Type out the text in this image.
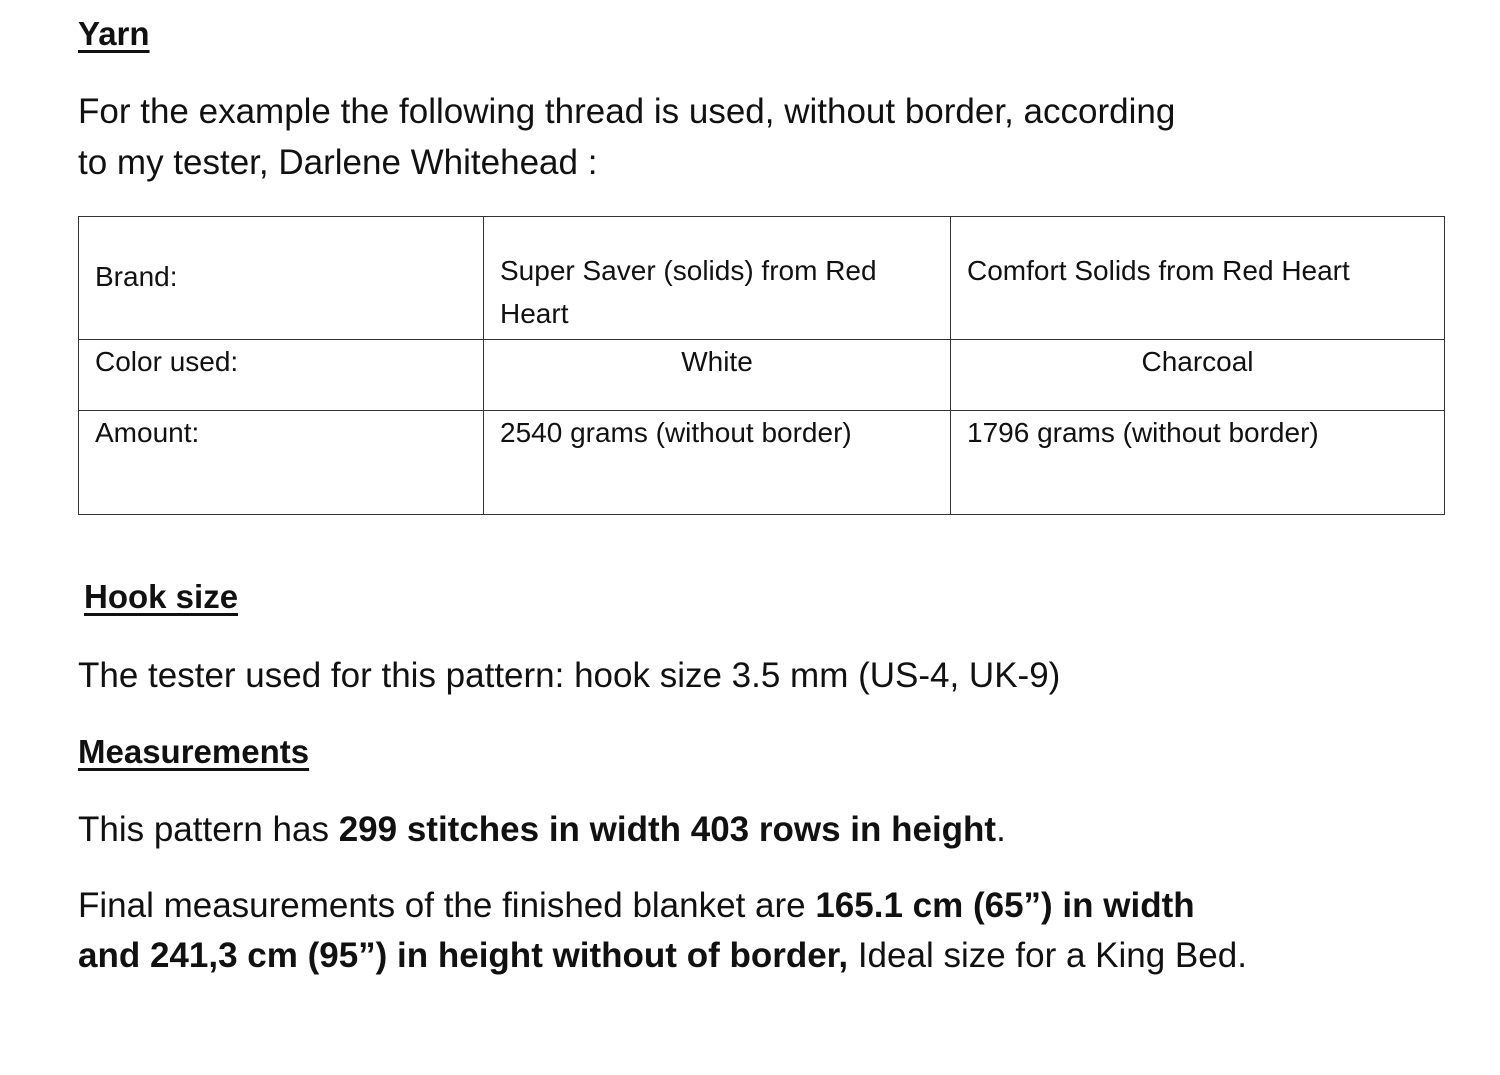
Yarn

For the example the following thread is used, without border, according
to my tester, Darlene Whitehead :

Brand:	Super Saver (solids) from Red Heart	Comfort Solids from Red Heart
Color used:	White	Charcoal
Amount:	2540 grams (without border)	1796 grams (without border)
Hook size

The tester used for this pattern: hook size 3.5 mm (US-4, UK-9)

Measurements

This pattern has 299 stitches in width 403 rows in height.

Final measurements of the finished blanket are 165.1 cm (65”) in width
and 241,3 cm (95”) in height without of border, Ideal size for a King Bed.
